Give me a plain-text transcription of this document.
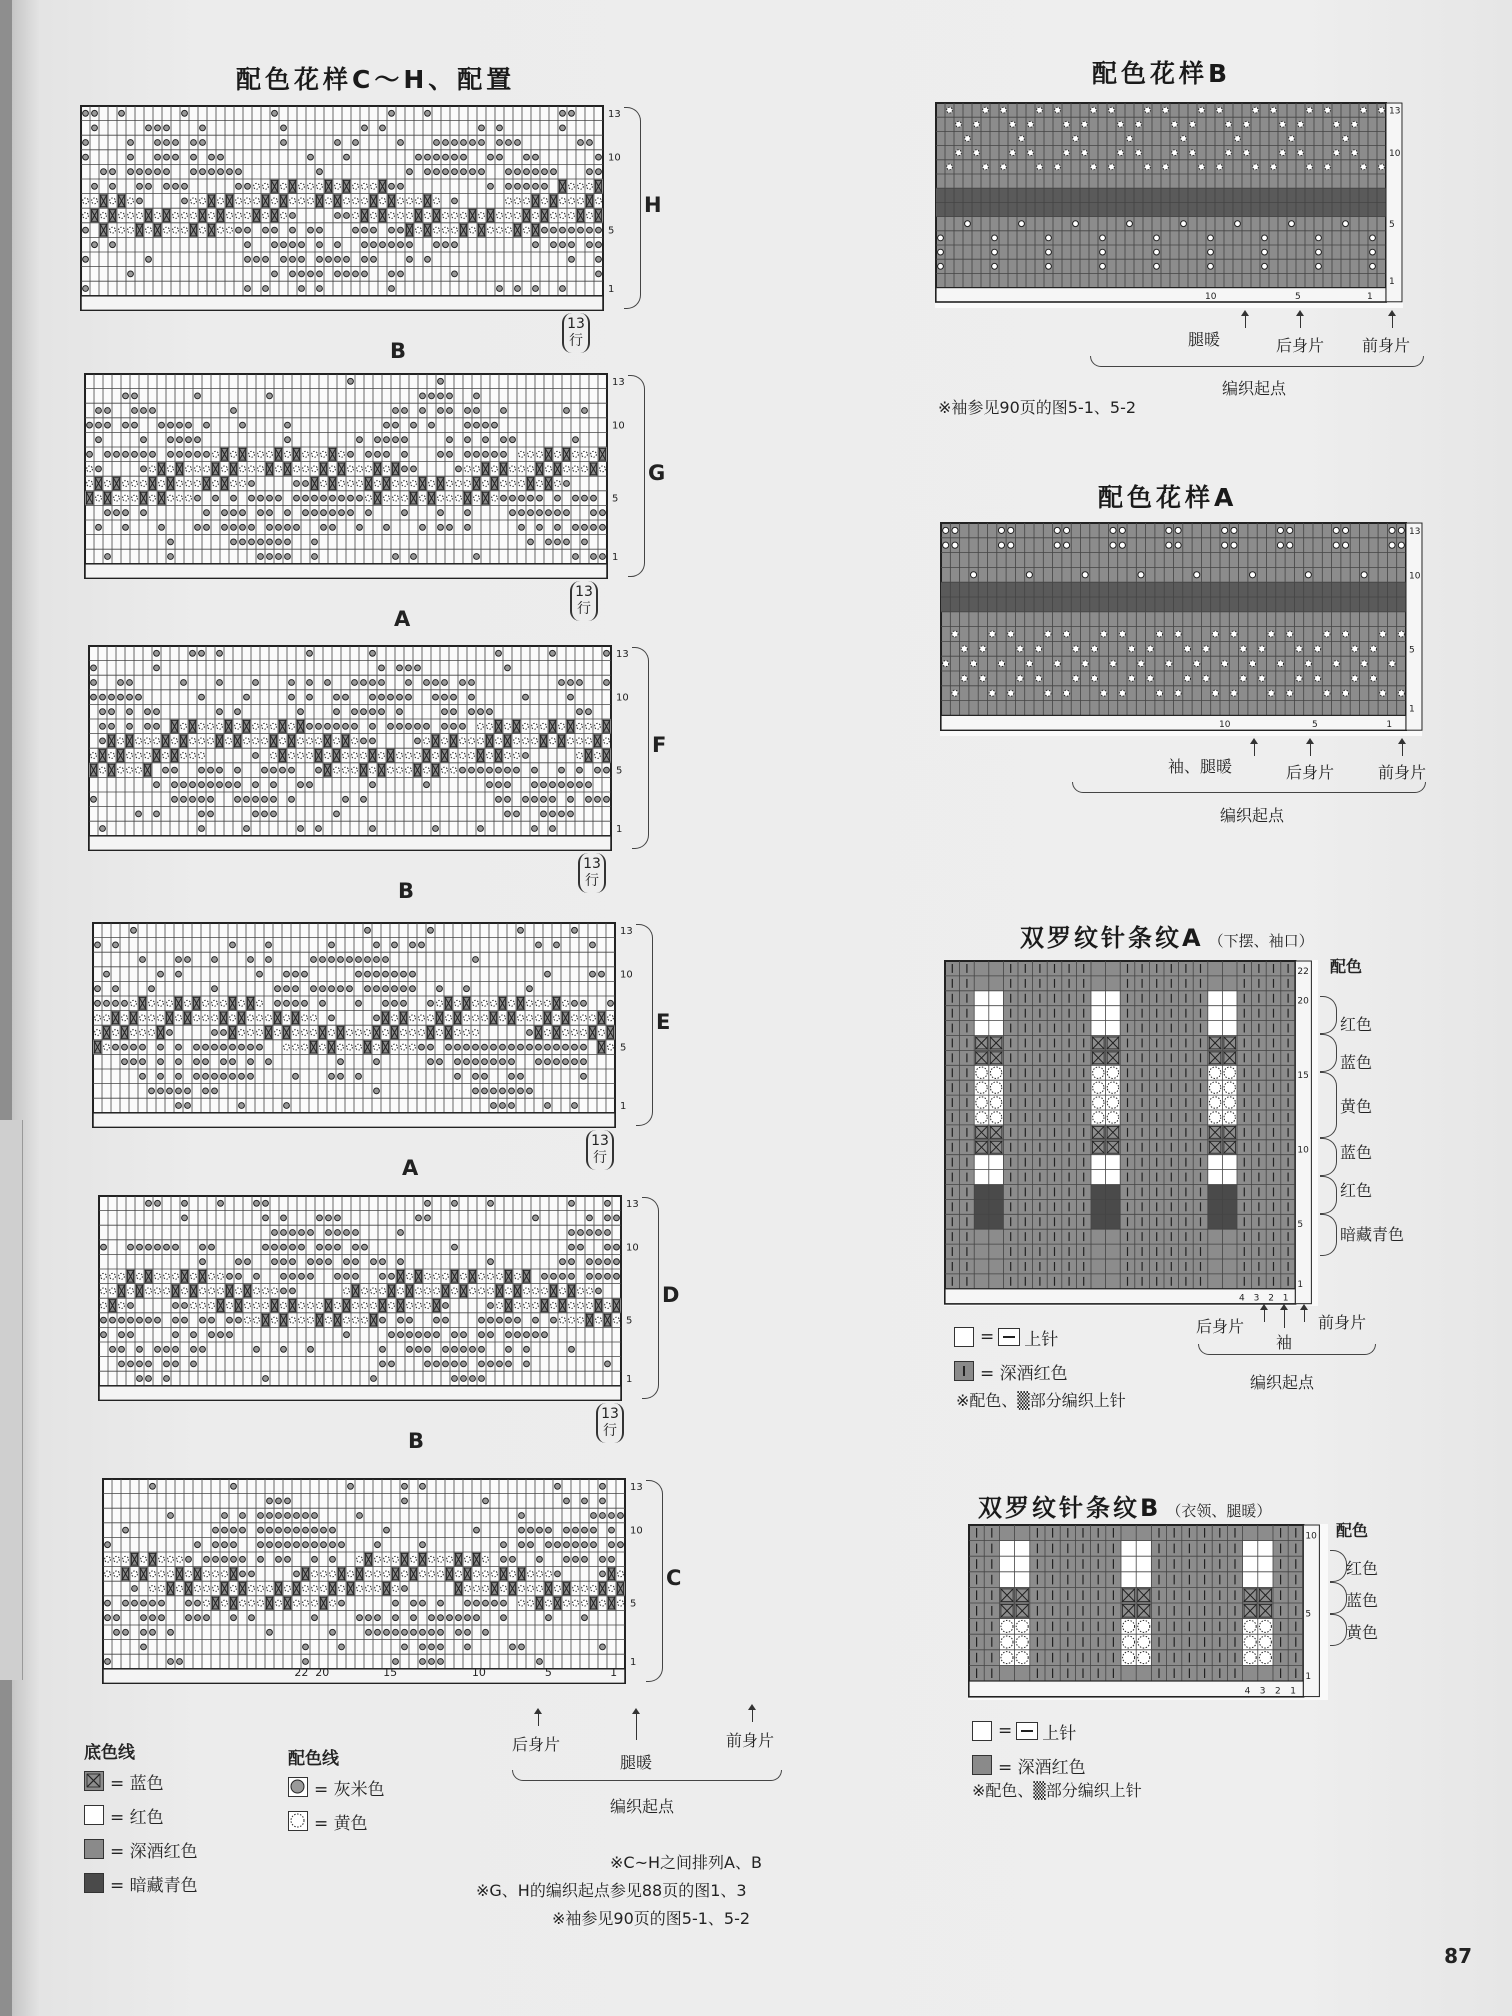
配色花样C～H、配置
13
10
5
1
H
B
13行
13
10
5
1
G
A
13行
13
10
5
1
F
B
13行
13
10
5
1
E
A
13行
13
10
5
1
D
B
13行
13
10
5
1
C
22 20	15	10	5	1
后身片
腿暖
前身片
编织起点
底色线
= 蓝色
= 红色
= 深酒红色
= 暗藏青色
配色线
= 灰米色
= 黄色
※C~H之间排列A、B
※G、H的编织起点参见88页的图1、3
※袖参见90页的图5-1、5-2
配色花样B
13
10
5
1
10	5	1
腿暖	后身片 前身片
编织起点
※袖参见90页的图5-1、5-2
配色花样A
13
10
5
1
10	5	1
袖、腿暖	后身片	前身片
编织起点
双罗纹针条纹A （下摆、袖口）
22
20
15
10
5
1
4 3 2 1
配色
红色
蓝色
黄色
蓝色
红色
暗藏青色
后身片
袖
前身片
编织起点
= 上针
= 深酒红色
※配色、▒部分编织上针
双罗纹针条纹B （衣领、腿暖）
10
5
1
4 3 2 1
配色
红色
蓝色
黄色
= 上针
= 深酒红色
※配色、▒部分编织上针
87
